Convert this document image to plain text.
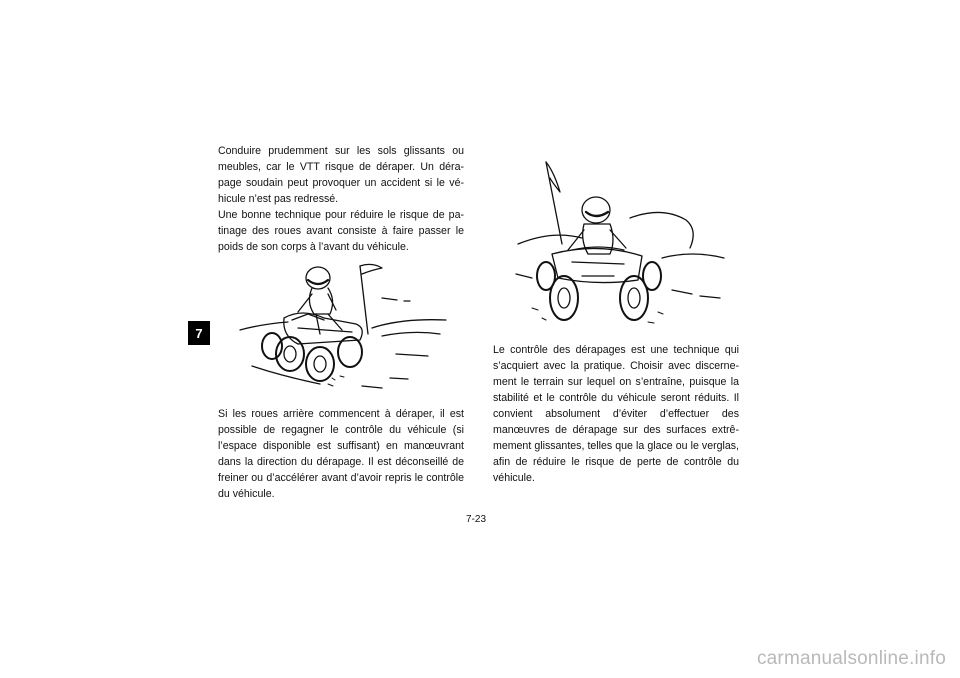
7

Conduire prudemment sur les sols glissants ou meubles, car le VTT risque de déraper. Un dérapage soudain peut provoquer un accident si le véhicule n’est pas redressé.

Une bonne technique pour réduire le risque de patinage des roues avant consiste à faire passer le poids de son corps à l’avant du véhicule.

Si les roues arrière commencent à déraper, il est possible de regagner le contrôle du véhicule (si l’espace disponible est suffisant) en manœuvrant dans la direction du dérapage. Il est déconseillé de freiner ou d’accélérer avant d’avoir repris le contrôle du véhicule.

Le contrôle des dérapages est une technique qui s’acquiert avec la pratique. Choisir avec discernement le terrain sur lequel on s’entraîne, puisque la stabilité et le contrôle du véhicule seront réduits. Il convient absolument d’éviter d’effectuer des manœuvres de dérapage sur des surfaces extrêmement glissantes, telles que la glace ou le verglas, afin de réduire le risque de perte de contrôle du véhicule.

7-23
carmanualsonline.info
